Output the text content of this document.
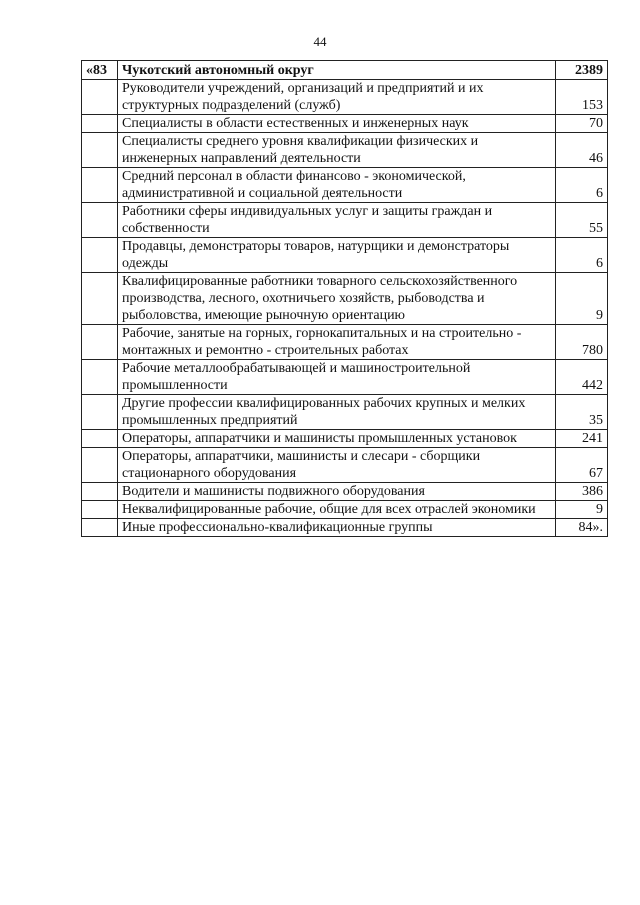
44
«83	Чукотский автономный округ	2389
	Руководители учреждений, организаций и предприятий и их структурных подразделений (служб)	153
	Специалисты в области естественных и инженерных наук	70
	Специалисты среднего уровня квалификации физических и инженерных направлений деятельности	46
	Средний персонал в области финансово - экономической, административной и социальной деятельности	6
	Работники сферы индивидуальных услуг и защиты граждан и собственности	55
	Продавцы, демонстраторы товаров, натурщики и демонстраторы одежды	6
	Квалифицированные работники товарного сельскохозяйственного производства, лесного, охотничьего хозяйств, рыбоводства и рыболовства, имеющие рыночную ориентацию	9
	Рабочие, занятые на горных, горнокапитальных и на строительно - монтажных и ремонтно - строительных работах	780
	Рабочие металлообрабатывающей и машиностроительной промышленности	442
	Другие профессии квалифицированных рабочих крупных и мелких промышленных предприятий	35
	Операторы, аппаратчики и машинисты промышленных установок	241
	Операторы, аппаратчики, машинисты и слесари - сборщики стационарного оборудования	67
	Водители и машинисты подвижного оборудования	386
	Неквалифицированные рабочие, общие для всех отраслей экономики	9
	Иные профессионально-квалификационные группы	84».
